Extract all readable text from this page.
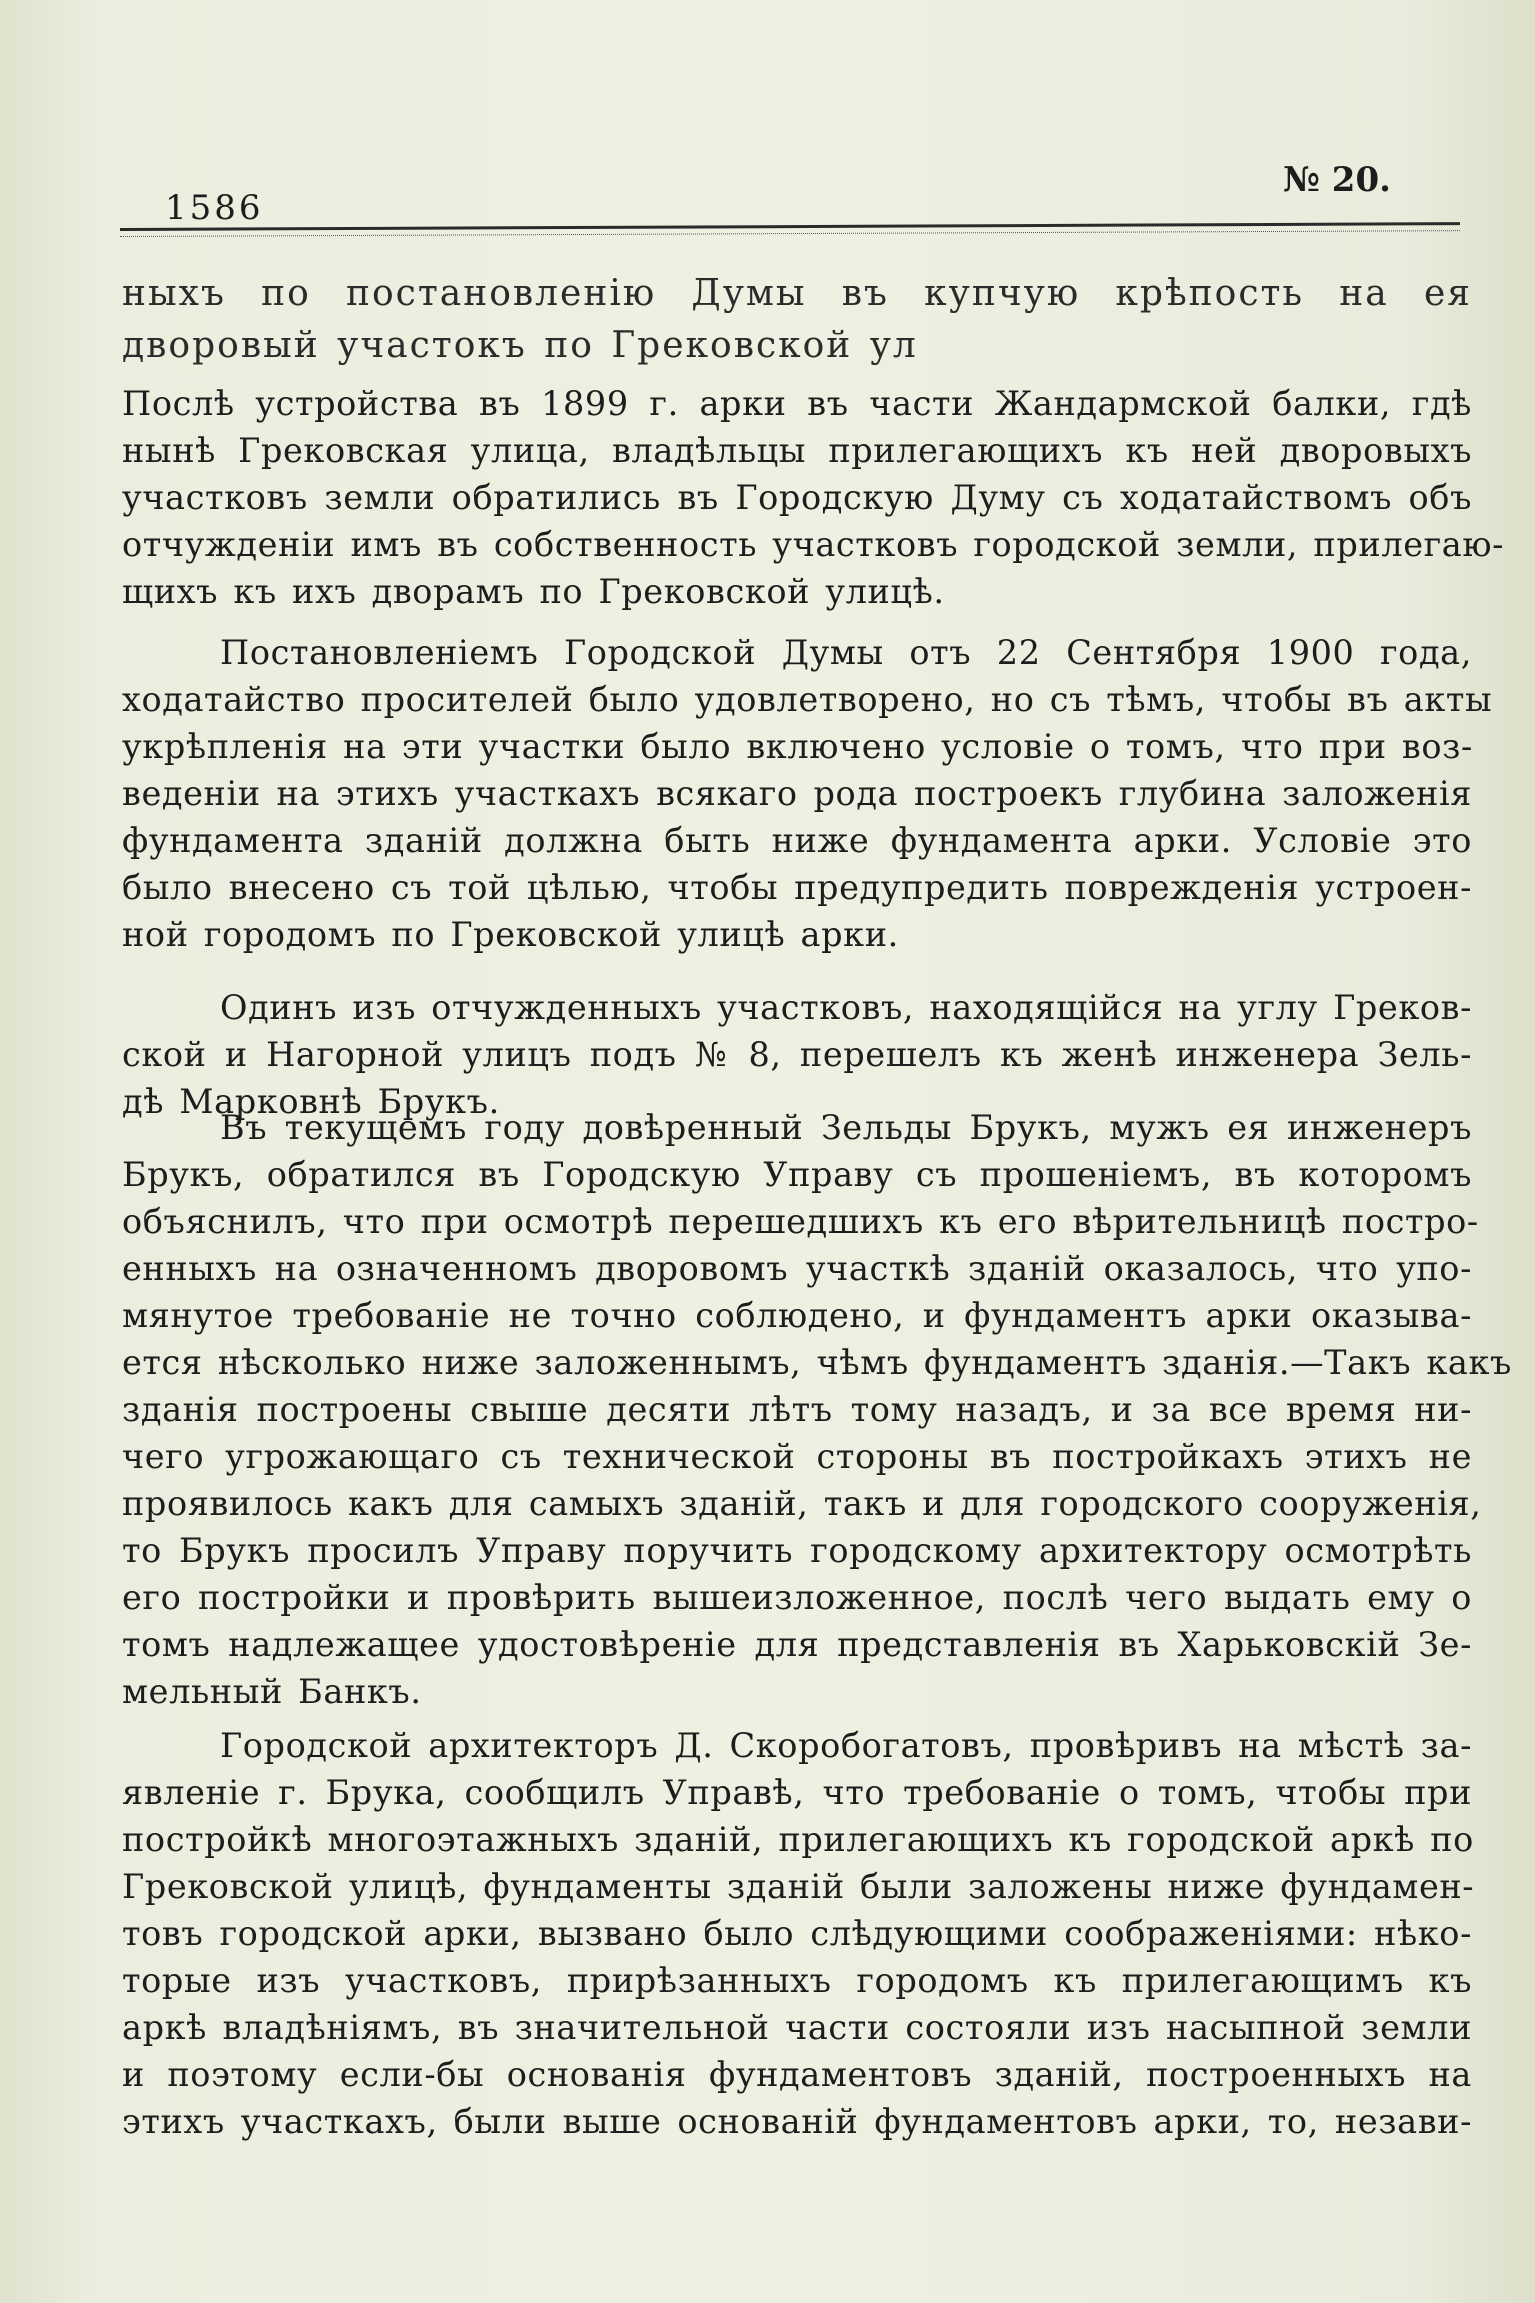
1586
№ 20.
ныхъ по постановленію Думы въ купчую крѣпость на ея
дворовый участокъ по Грековской ул
Послѣ устройства въ 1899 г. арки въ части Жандармской балки, гдѣ
нынѣ Грековская улица, владѣльцы прилегающихъ къ ней дворовыхъ
участковъ земли обратились въ Городскую Думу съ ходатайствомъ объ
отчужденіи имъ въ собственность участковъ городской земли, прилегаю-
щихъ къ ихъ дворамъ по Грековской улицѣ.
Постановленіемъ Городской Думы отъ 22 Сентября 1900 года,
ходатайство просителей было удовлетворено, но съ тѣмъ, чтобы въ акты
укрѣпленія на эти участки было включено условіе о томъ, что при воз-
веденіи на этихъ участкахъ всякаго рода построекъ глубина заложенія
фундамента зданій должна быть ниже фундамента арки. Условіе это
было внесено съ той цѣлью, чтобы предупредить поврежденія устроен-
ной городомъ по Грековской улицѣ арки.
Одинъ изъ отчужденныхъ участковъ, находящійся на углу Греков-
ской и Нагорной улицъ подъ № 8, перешелъ къ женѣ инженера Зель-
дѣ Марковнѣ Брукъ.
Въ текущемъ году довѣренный Зельды Брукъ, мужъ ея инженеръ
Брукъ, обратился въ Городскую Управу съ прошеніемъ, въ которомъ
объяснилъ, что при осмотрѣ перешедшихъ къ его вѣрительницѣ постро-
енныхъ на означенномъ дворовомъ участкѣ зданій оказалось, что упо-
мянутое требованіе не точно соблюдено, и фундаментъ арки оказыва-
ется нѣсколько ниже заложеннымъ, чѣмъ фундаментъ зданія.—Такъ какъ
зданія построены свыше десяти лѣтъ тому назадъ, и за все время ни-
чего угрожающаго съ технической стороны въ постройкахъ этихъ не
проявилось какъ для самыхъ зданій, такъ и для городского сооруженія,
то Брукъ просилъ Управу поручить городскому архитектору осмотрѣть
его постройки и провѣрить вышеизложенное, послѣ чего выдать ему о
томъ надлежащее удостовѣреніе для представленія въ Харьковскій Зе-
мельный Банкъ.
Городской архитекторъ Д. Скоробогатовъ, провѣривъ на мѣстѣ за-
явленіе г. Брука, сообщилъ Управѣ, что требованіе о томъ, чтобы при
постройкѣ многоэтажныхъ зданій, прилегающихъ къ городской аркѣ по
Грековской улицѣ, фундаменты зданій были заложены ниже фундамен-
товъ городской арки, вызвано было слѣдующими соображеніями: нѣко-
торые изъ участковъ, прирѣзанныхъ городомъ къ прилегающимъ къ
аркѣ владѣніямъ, въ значительной части состояли изъ насыпной земли
и поэтому если-бы основанія фундаментовъ зданій, построенныхъ на
этихъ участкахъ, были выше основаній фундаментовъ арки, то, незави-
